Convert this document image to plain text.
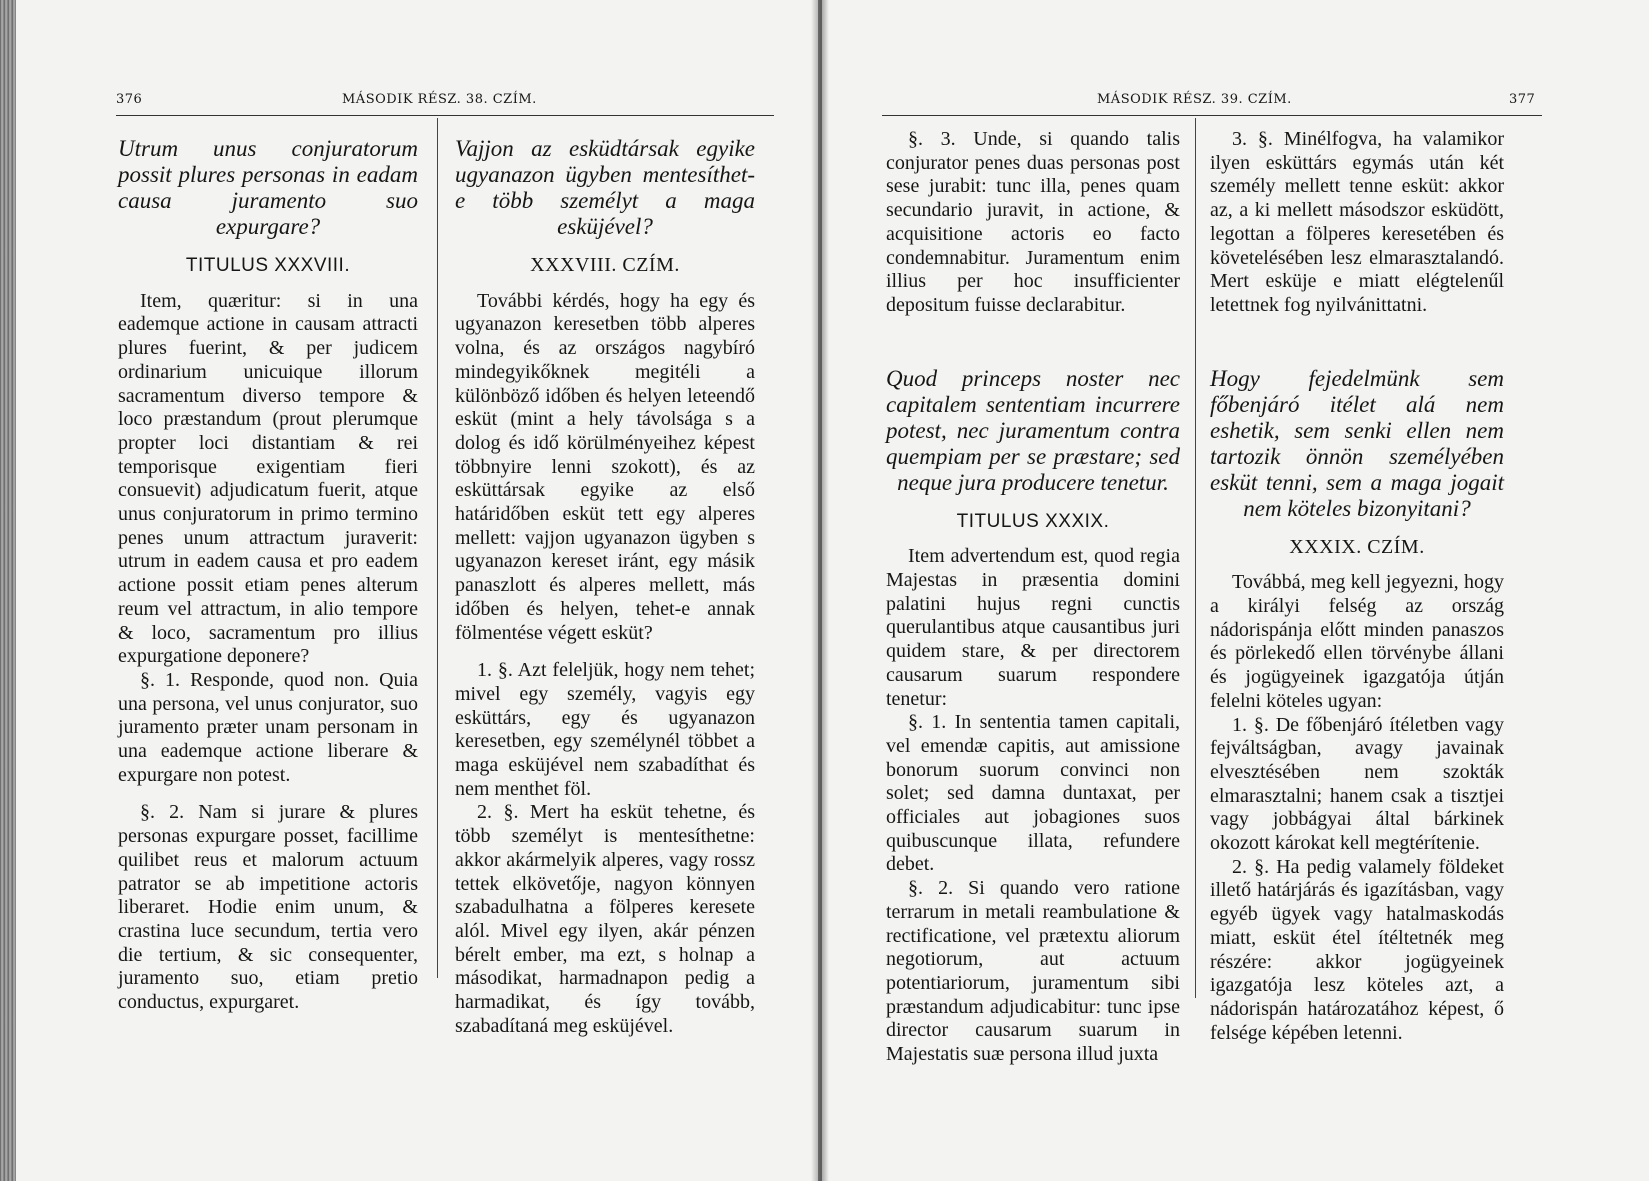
376	MÁSODIK RÉSZ. 38. CZÍM.
Utrum unus conjuratorum possit plures personas in eadam causa juramento suo expurgare?
TITULUS XXXVIII.

Item, quæritur: si in una eademque actione in causam attracti plures fuerint, & per judicem ordinarium unicuique illorum sacramentum diverso tempore & loco præstandum (prout plerumque propter loci distantiam & rei temporisque exigentiam fieri consuevit) adjudicatum fuerit, atque unus conjuratorum in primo termino penes unum attractum juraverit: utrum in eadem causa et pro eadem actione possit etiam penes alterum reum vel attractum, in alio tempore & loco, sacramentum pro illius expurgatione deponere?

§. 1. Responde, quod non. Quia una persona, vel unus conjurator, suo juramento præter unam personam in una eademque actione liberare & expurgare non potest.

§. 2. Nam si jurare & plures personas expurgare posset, facillime quilibet reus et malorum actuum patrator se ab impetitione actoris liberaret. Hodie enim unum, & crastina luce secundum, tertia vero die tertium, & sic consequenter, juramento suo, etiam pretio conductus, expurgaret.

Vajjon az esküdtársak egyike ugyanazon ügyben mentesíthet-e több személyt a maga esküjével?
XXXVIII. CZÍM.

További kérdés, hogy ha egy és ugyanazon keresetben több alperes volna, és az országos nagybíró mindegyikőknek megitéli a különböző időben és helyen leteendő esküt (mint a hely távolsága s a dolog és idő körülményeihez képest többnyire lenni szokott), és az esküttársak egyike az első határidőben esküt tett egy alperes mellett: vajjon ugyanazon ügyben s ugyanazon kereset iránt, egy másik panaszlott és alperes mellett, más időben és helyen, tehet-e annak fölmentése végett esküt?

1. §. Azt feleljük, hogy nem tehet; mivel egy személy, vagyis egy esküttárs, egy és ugyanazon keresetben, egy személynél többet a maga esküjével nem szabadíthat és nem menthet föl.

2. §. Mert ha esküt tehetne, és több személyt is mentesíthetne: akkor akármelyik alperes, vagy rossz tettek elkövetője, nagyon könnyen szabadulhatna a fölperes keresete alól. Mivel egy ilyen, akár pénzen bérelt ember, ma ezt, s holnap a másodikat, harmadnapon pedig a harmadikat, és így tovább, szabadítaná meg esküjével.

MÁSODIK RÉSZ. 39. CZÍM.	377

§. 3. Unde, si quando talis conjurator penes duas personas post sese jurabit: tunc illa, penes quam secundario juravit, in actione, & acquisitione actoris eo facto condemnabitur. Juramentum enim illius per hoc insufficienter depositum fuisse declarabitur.

Quod princeps noster nec capitalem sententiam incurrere potest, nec juramentum contra quempiam per se præstare; sed neque jura producere tenetur.
TITULUS XXXIX.

Item advertendum est, quod regia Majestas in præsentia domini palatini hujus regni cunctis querulantibus atque causantibus juri quidem stare, & per directorem causarum suarum respondere tenetur:

§. 1. In sententia tamen capitali, vel emendæ capitis, aut amissione bonorum suorum convinci non solet; sed damna duntaxat, per officiales aut jobagiones suos quibuscunque illata, refundere debet.

§. 2. Si quando vero ratione terrarum in metali reambulatione & rectificatione, vel prætextu aliorum negotiorum, aut actuum potentiariorum, juramentum sibi præstandum adjudicabitur: tunc ipse director causarum suarum in Majestatis suæ persona illud juxta

3. §. Minélfogva, ha valamikor ilyen esküttárs egymás után két személy mellett tenne esküt: akkor az, a ki mellett másodszor esküdött, legottan a fölperes keresetében és követelésében lesz elmarasztalandó. Mert esküje e miatt elégtelenűl letettnek fog nyilvánittatni.

Hogy fejedelmünk sem főbenjáró itélet alá nem eshetik, sem senki ellen nem tartozik önnön személyében esküt tenni, sem a maga jogait nem köteles bizonyitani?
XXXIX. CZÍM.

Továbbá, meg kell jegyezni, hogy a királyi felség az ország nádorispánja előtt minden panaszos és pörlekedő ellen törvénybe állani és jogügyeinek igazgatója útján felelni köteles ugyan:

1. §. De főbenjáró ítéletben vagy fejváltságban, avagy javainak elvesztésében nem szokták elmarasztalni; hanem csak a tisztjei vagy jobbágyai által bárkinek okozott károkat kell megtérítenie.

2. §. Ha pedig valamely földeket illető határjárás és igazításban, vagy egyéb ügyek vagy hatalmaskodás miatt, esküt étel ítéltetnék meg részére: akkor jogügyeinek igazgatója lesz köteles azt, a nádorispán határozatához képest, ő felsége képében letenni.
